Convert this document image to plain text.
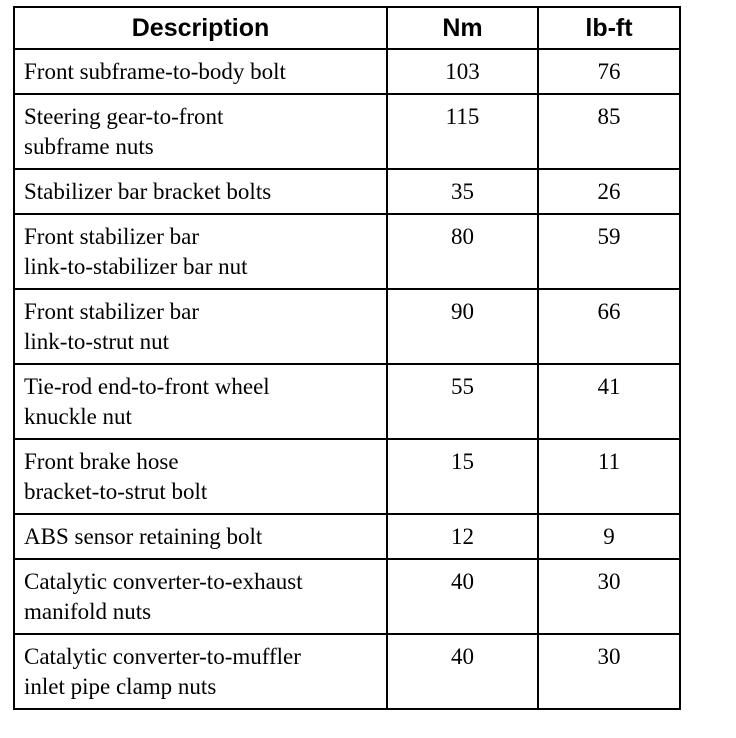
Description	Nm	lb-ft

Front subframe-to-body bolt	103	76

Steering gear-to-front
subframe nuts	115	85

Stabilizer bar bracket bolts	35	26

Front stabilizer bar
link-to-stabilizer bar nut	80	59

Front stabilizer bar
link-to-strut nut	90	66

Tie-rod end-to-front wheel
knuckle nut	55	41

Front brake hose
bracket-to-strut bolt	15	11

ABS sensor retaining bolt	12	9

Catalytic converter-to-exhaust
manifold nuts	40	30

Catalytic converter-to-muffler
inlet pipe clamp nuts	40	30
